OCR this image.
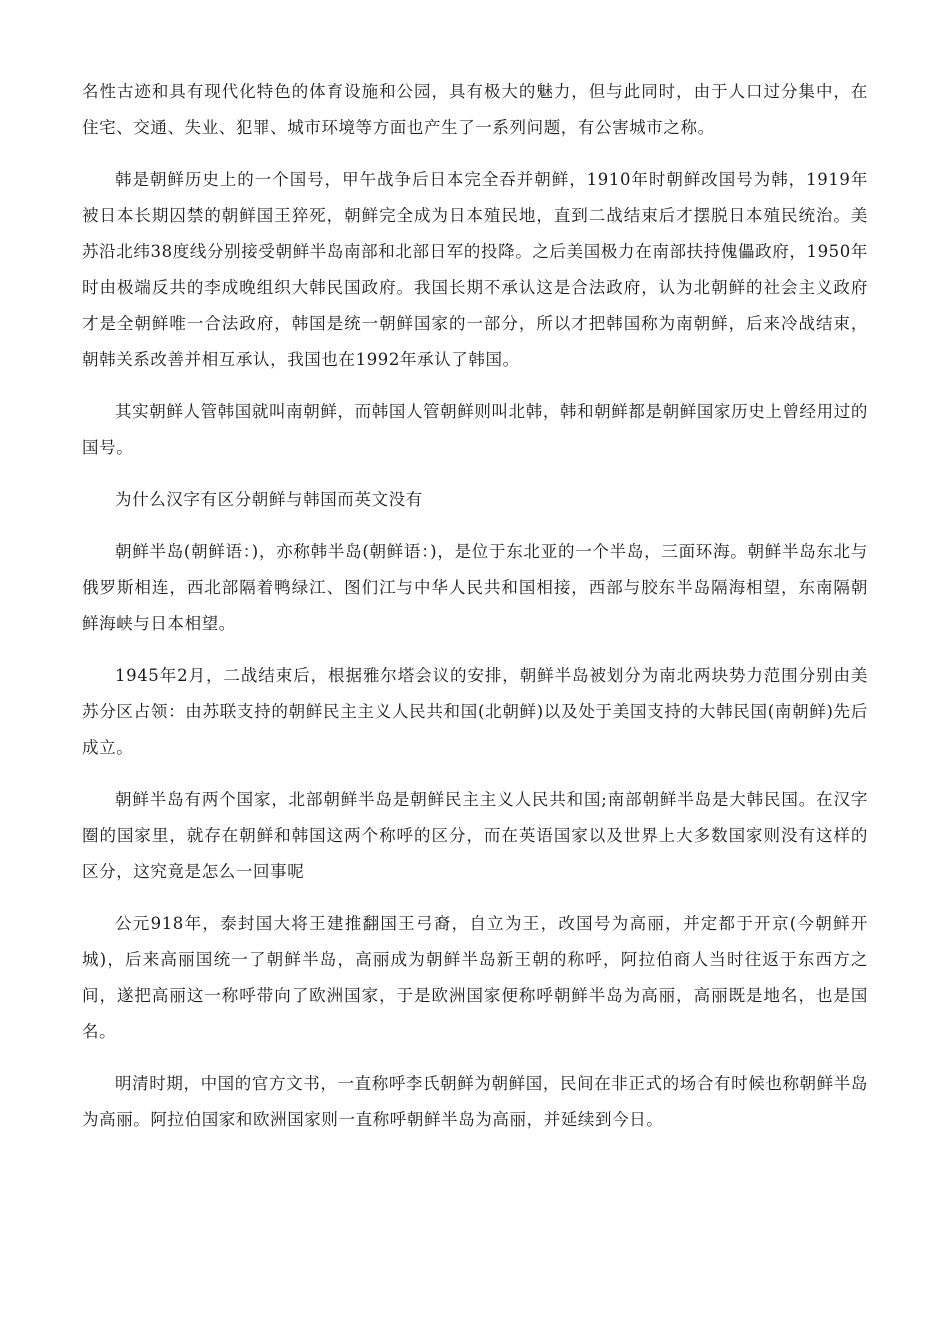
名性古迹和具有现代化特色的体育设施和公园，具有极大的魅力，但与此同时，由于人口过分集中，在住宅、交通、失业、犯罪、城市环境等方面也产生了一系列问题，有公害城市之称。

韩是朝鲜历史上的一个国号，甲午战争后日本完全吞并朝鲜，1910年时朝鲜改国号为韩，1919年被日本长期囚禁的朝鲜国王猝死，朝鲜完全成为日本殖民地，直到二战结束后才摆脱日本殖民统治。美苏沿北纬38度线分别接受朝鲜半岛南部和北部日军的投降。之后美国极力在南部扶持傀儡政府，1950年时由极端反共的李成晚组织大韩民国政府。我国长期不承认这是合法政府，认为北朝鲜的社会主义政府才是全朝鲜唯一合法政府，韩国是统一朝鲜国家的一部分，所以才把韩国称为南朝鲜，后来冷战结束，朝韩关系改善并相互承认，我国也在1992年承认了韩国。

其实朝鲜人管韩国就叫南朝鲜，而韩国人管朝鲜则叫北韩，韩和朝鲜都是朝鲜国家历史上曾经用过的国号。

为什么汉字有区分朝鲜与韩国而英文没有

朝鲜半岛(朝鲜语：)，亦称韩半岛(朝鲜语：)，是位于东北亚的一个半岛，三面环海。朝鲜半岛东北与俄罗斯相连，西北部隔着鸭绿江、图们江与中华人民共和国相接，西部与胶东半岛隔海相望，东南隔朝鲜海峡与日本相望。

1945年2月，二战结束后，根据雅尔塔会议的安排，朝鲜半岛被划分为南北两块势力范围分别由美苏分区占领：由苏联支持的朝鲜民主主义人民共和国(北朝鲜)以及处于美国支持的大韩民国(南朝鲜)先后成立。

朝鲜半岛有两个国家，北部朝鲜半岛是朝鲜民主主义人民共和国;南部朝鲜半岛是大韩民国。在汉字圈的国家里，就存在朝鲜和韩国这两个称呼的区分，而在英语国家以及世界上大多数国家则没有这样的区分，这究竟是怎么一回事呢

公元918年，泰封国大将王建推翻国王弓裔，自立为王，改国号为高丽，并定都于开京(今朝鲜开城)，后来高丽国统一了朝鲜半岛，高丽成为朝鲜半岛新王朝的称呼，阿拉伯商人当时往返于东西方之间，遂把高丽这一称呼带向了欧洲国家，于是欧洲国家便称呼朝鲜半岛为高丽，高丽既是地名，也是国名。

明清时期，中国的官方文书，一直称呼李氏朝鲜为朝鲜国，民间在非正式的场合有时候也称朝鲜半岛为高丽。阿拉伯国家和欧洲国家则一直称呼朝鲜半岛为高丽，并延续到今日。
